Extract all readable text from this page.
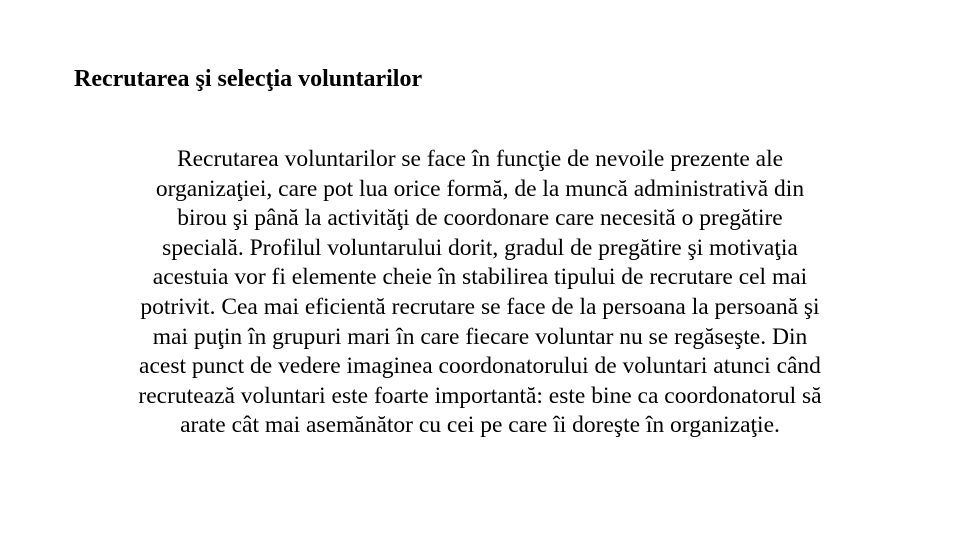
Recrutarea şi selecţia voluntarilor
Recrutarea voluntarilor se face în funcţie de nevoile prezente ale
organizaţiei, care pot lua orice formă, de la muncă administrativă din
birou şi până la activităţi de coordonare care necesită o pregătire
specială. Profilul voluntarului dorit, gradul de pregătire şi motivaţia
acestuia vor fi elemente cheie în stabilirea tipului de recrutare cel mai
potrivit. Cea mai eficientă recrutare se face de la persoana la persoană şi
mai puţin în grupuri mari în care fiecare voluntar nu se regăseşte. Din
acest punct de vedere imaginea coordonatorului de voluntari atunci când
recrutează voluntari este foarte importantă: este bine ca coordonatorul să
arate cât mai asemănător cu cei pe care îi doreşte în organizaţie.
